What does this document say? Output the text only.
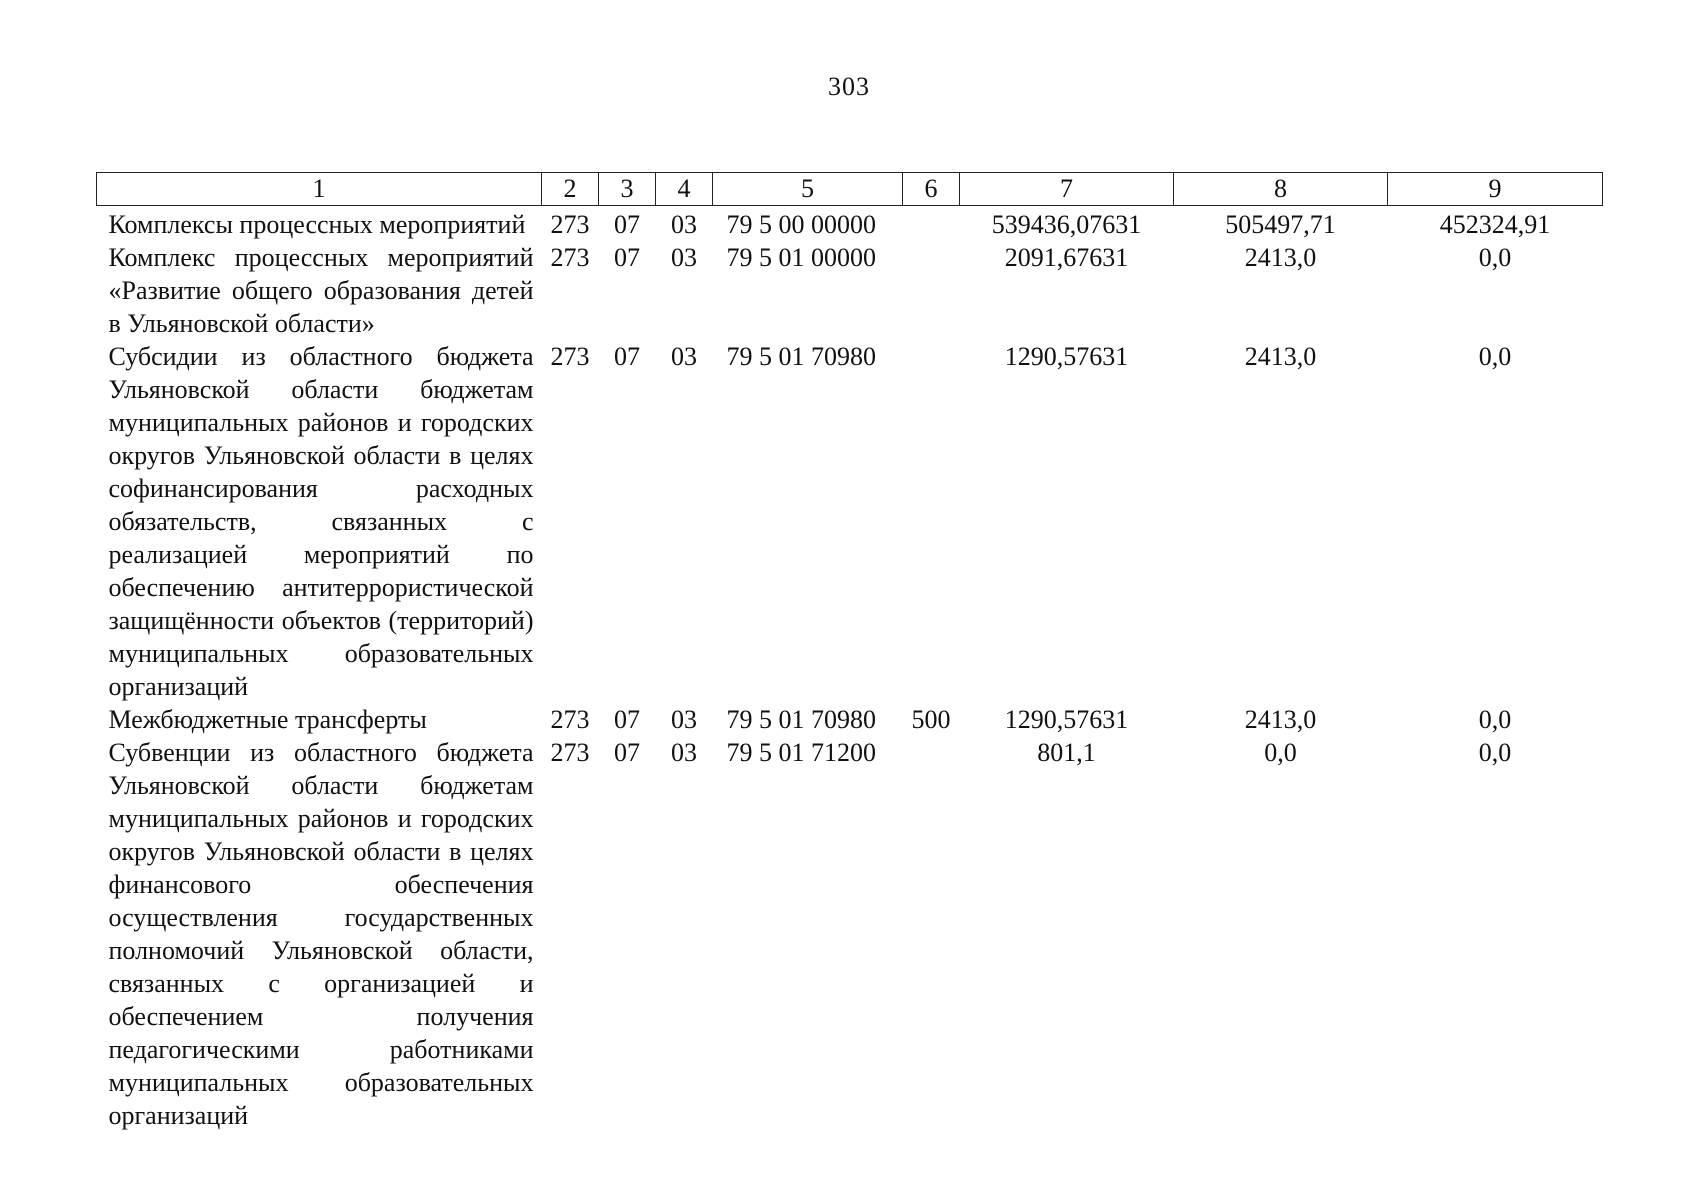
303
1	2	3	4	5	6	7	8	9
Комплексы процессных мероприятий	273	07	03	79 5 00 00000		539436,07631	505497,71	452324,91
Комплекс процессных мероприятий «Развитие общего образования детей в Ульяновской области»	273	07	03	79 5 01 00000		2091,67631	2413,0	0,0
Субсидии из областного бюджета Ульяновской области бюджетам муниципальных районов и городских округов Ульяновской области в целях софинансирования расходных обязательств, связанных с реализацией мероприятий по обеспечению антитеррористической защищённости объектов (территорий) муниципальных образовательных организаций	273	07	03	79 5 01 70980		1290,57631	2413,0	0,0
Межбюджетные трансферты	273	07	03	79 5 01 70980	500	1290,57631	2413,0	0,0
Субвенции из областного бюджета Ульяновской области бюджетам муниципальных районов и городских округов Ульяновской области в целях финансового обеспечения осуществления государственных полномочий Ульяновской области, связанных с организацией и обеспечением получения педагогическими работниками муниципальных образовательных организаций	273	07	03	79 5 01 71200		801,1	0,0	0,0
